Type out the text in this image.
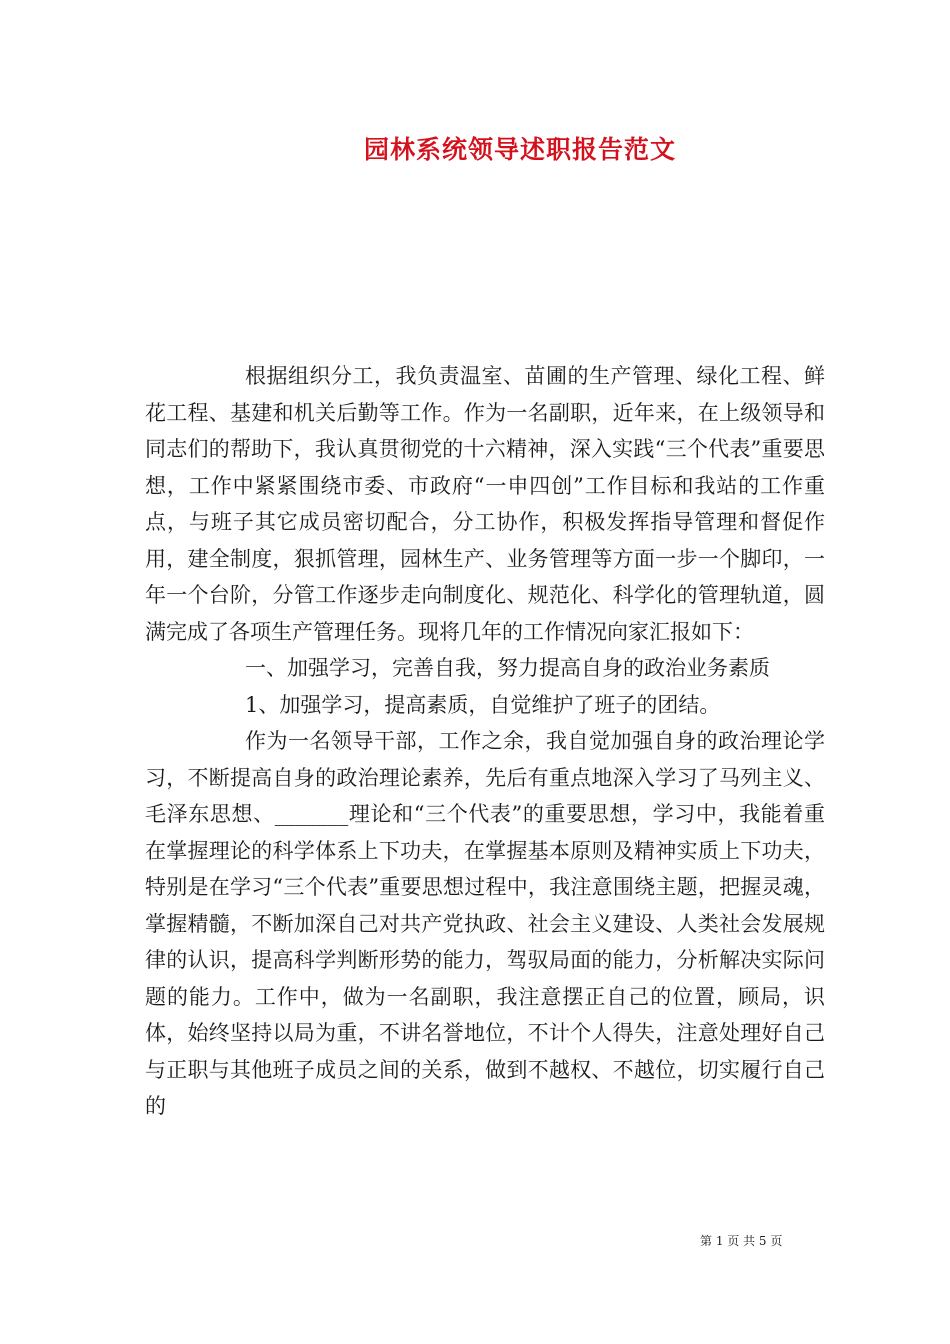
园林系统领导述职报告范文

根据组织分工，我负责温室、苗圃的生产管理、绿化工程、鲜花工程、基建和机关后勤等工作。作为一名副职，近年来，在上级领导和同志们的帮助下，我认真贯彻党的十六精神，深入实践“三个代表”重要思想，工作中紧紧围绕市委、市政府“一申四创”工作目标和我站的工作重点，与班子其它成员密切配合，分工协作，积极发挥指导管理和督促作用，建全制度，狠抓管理，园林生产、业务管理等方面一步一个脚印，一年一个台阶，分管工作逐步走向制度化、规范化、科学化的管理轨道，圆满完成了各项生产管理任务。现将几年的工作情况向家汇报如下：

一、加强学习，完善自我，努力提高自身的政治业务素质

1、加强学习，提高素质，自觉维护了班子的团结。

作为一名领导干部，工作之余，我自觉加强自身的政治理论学习，不断提高自身的政治理论素养，先后有重点地深入学习了马列主义、毛泽东思想、_______理论和“三个代表”的重要思想，学习中，我能着重在掌握理论的科学体系上下功夫，在掌握基本原则及精神实质上下功夫，特别是在学习“三个代表”重要思想过程中，我注意围绕主题，把握灵魂，掌握精髓，不断加深自己对共产党执政、社会主义建设、人类社会发展规律的认识，提高科学判断形势的能力，驾驭局面的能力，分析解决实际问题的能力。工作中，做为一名副职，我注意摆正自己的位置，顾局，识体，始终坚持以局为重，不讲名誉地位，不计个人得失，注意处理好自己与正职与其他班子成员之间的关系，做到不越权、不越位，切实履行自己的

第 1 页 共 5 页
